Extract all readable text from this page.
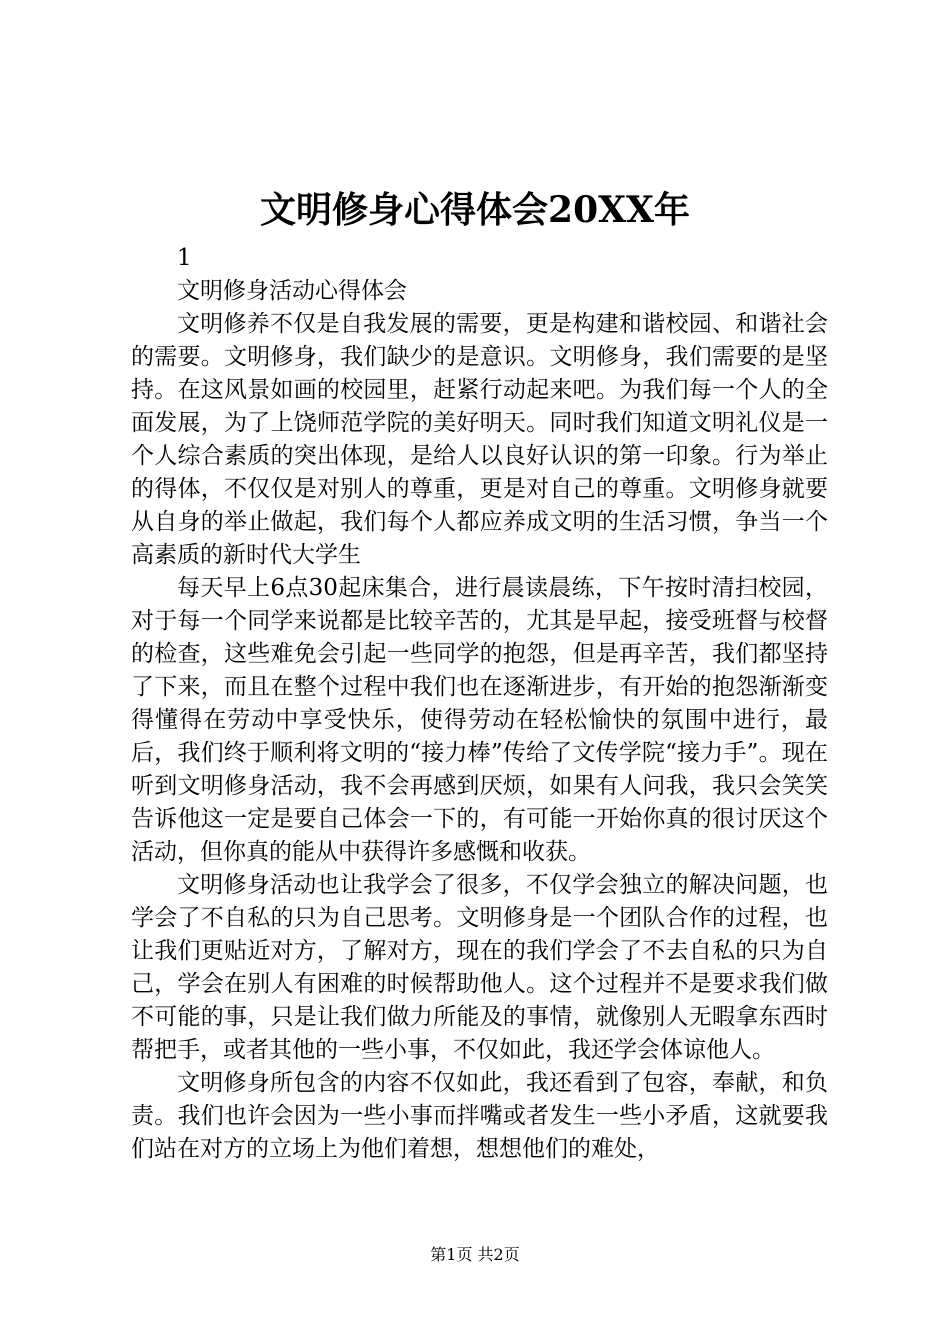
文明修身心得体会20XX年

1

文明修身活动心得体会

文明修养不仅是自我发展的需要，更是构建和谐校园、和谐社会的需要。文明修身，我们缺少的是意识。文明修身，我们需要的是坚持。在这风景如画的校园里，赶紧行动起来吧。为我们每一个人的全面发展，为了上饶师范学院的美好明天。同时我们知道文明礼仪是一个人综合素质的突出体现，是给人以良好认识的第一印象。行为举止的得体，不仅仅是对别人的尊重，更是对自己的尊重。文明修身就要从自身的举止做起，我们每个人都应养成文明的生活习惯，争当一个高素质的新时代大学生

每天早上6点30起床集合，进行晨读晨练，下午按时清扫校园，对于每一个同学来说都是比较辛苦的，尤其是早起，接受班督与校督的检查，这些难免会引起一些同学的抱怨，但是再辛苦，我们都坚持了下来，而且在整个过程中我们也在逐渐进步，有开始的抱怨渐渐变得懂得在劳动中享受快乐，使得劳动在轻松愉快的氛围中进行，最后，我们终于顺利将文明的“接力棒”传给了文传学院“接力手”。现在听到文明修身活动，我不会再感到厌烦，如果有人问我，我只会笑笑告诉他这一定是要自己体会一下的，有可能一开始你真的很讨厌这个活动，但你真的能从中获得许多感慨和收获。

文明修身活动也让我学会了很多，不仅学会独立的解决问题，也学会了不自私的只为自己思考。文明修身是一个团队合作的过程，也让我们更贴近对方，了解对方，现在的我们学会了不去自私的只为自己，学会在别人有困难的时候帮助他人。这个过程并不是要求我们做不可能的事，只是让我们做力所能及的事情，就像别人无暇拿东西时帮把手，或者其他的一些小事，不仅如此，我还学会体谅他人。

文明修身所包含的内容不仅如此，我还看到了包容，奉献，和负责。我们也许会因为一些小事而拌嘴或者发生一些小矛盾，这就要我们站在对方的立场上为他们着想，想想他们的难处，

第1页 共2页
